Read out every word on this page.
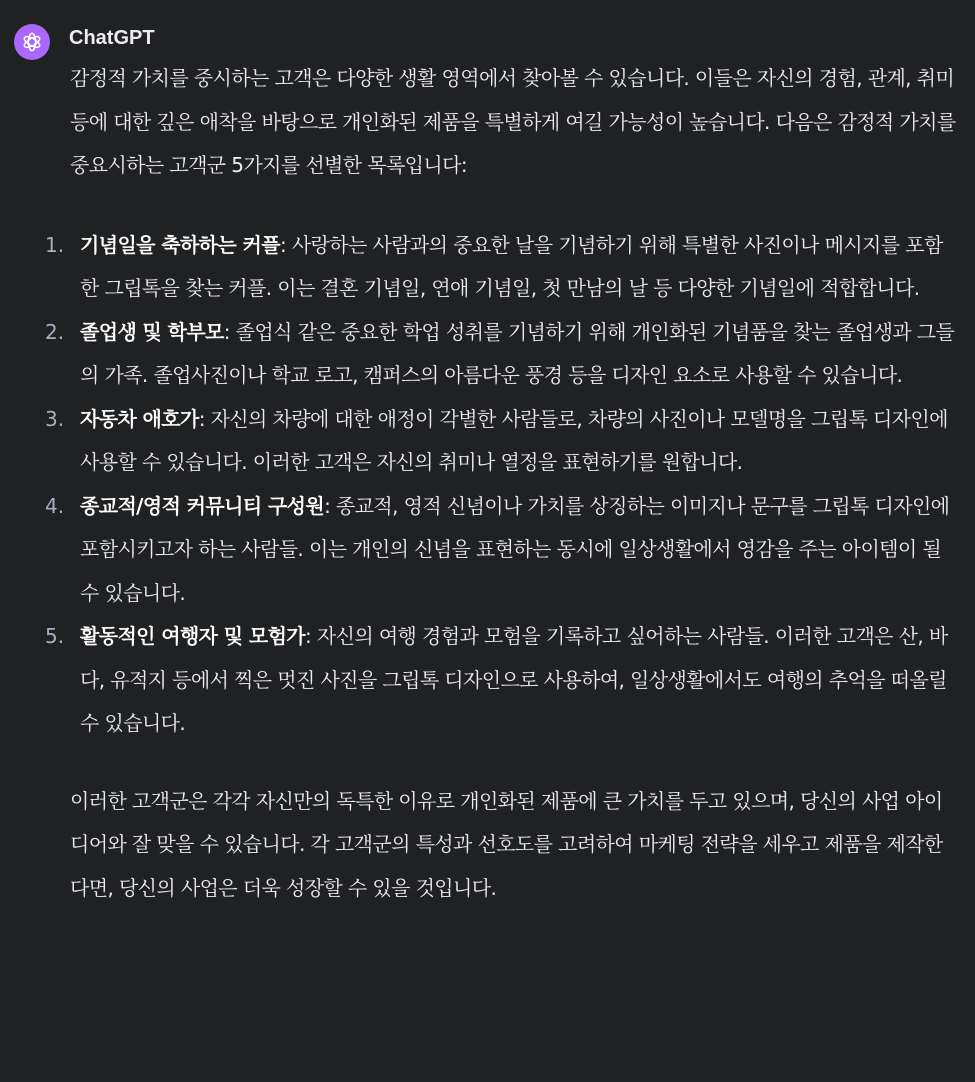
ChatGPT

감정적 가치를 중시하는 고객은 다양한 생활 영역에서 찾아볼 수 있습니다. 이들은 자신의 경험, 관계, 취미 등에 대한 깊은 애착을 바탕으로 개인화된 제품을 특별하게 여길 가능성이 높습니다. 다음은 감정적 가치를 중요시하는 고객군 5가지를 선별한 목록입니다:

1. 기념일을 축하하는 커플: 사랑하는 사람과의 중요한 날을 기념하기 위해 특별한 사진이나 메시지를 포함한 그립톡을 찾는 커플. 이는 결혼 기념일, 연애 기념일, 첫 만남의 날 등 다양한 기념일에 적합합니다.
2. 졸업생 및 학부모: 졸업식 같은 중요한 학업 성취를 기념하기 위해 개인화된 기념품을 찾는 졸업생과 그들의 가족. 졸업사진이나 학교 로고, 캠퍼스의 아름다운 풍경 등을 디자인 요소로 사용할 수 있습니다.
3. 자동차 애호가: 자신의 차량에 대한 애정이 각별한 사람들로, 차량의 사진이나 모델명을 그립톡 디자인에 사용할 수 있습니다. 이러한 고객은 자신의 취미나 열정을 표현하기를 원합니다.
4. 종교적/영적 커뮤니티 구성원: 종교적, 영적 신념이나 가치를 상징하는 이미지나 문구를 그립톡 디자인에 포함시키고자 하는 사람들. 이는 개인의 신념을 표현하는 동시에 일상생활에서 영감을 주는 아이템이 될 수 있습니다.
5. 활동적인 여행자 및 모험가: 자신의 여행 경험과 모험을 기록하고 싶어하는 사람들. 이러한 고객은 산, 바다, 유적지 등에서 찍은 멋진 사진을 그립톡 디자인으로 사용하여, 일상생활에서도 여행의 추억을 떠올릴 수 있습니다.

이러한 고객군은 각각 자신만의 독특한 이유로 개인화된 제품에 큰 가치를 두고 있으며, 당신의 사업 아이디어와 잘 맞을 수 있습니다. 각 고객군의 특성과 선호도를 고려하여 마케팅 전략을 세우고 제품을 제작한다면, 당신의 사업은 더욱 성장할 수 있을 것입니다.
